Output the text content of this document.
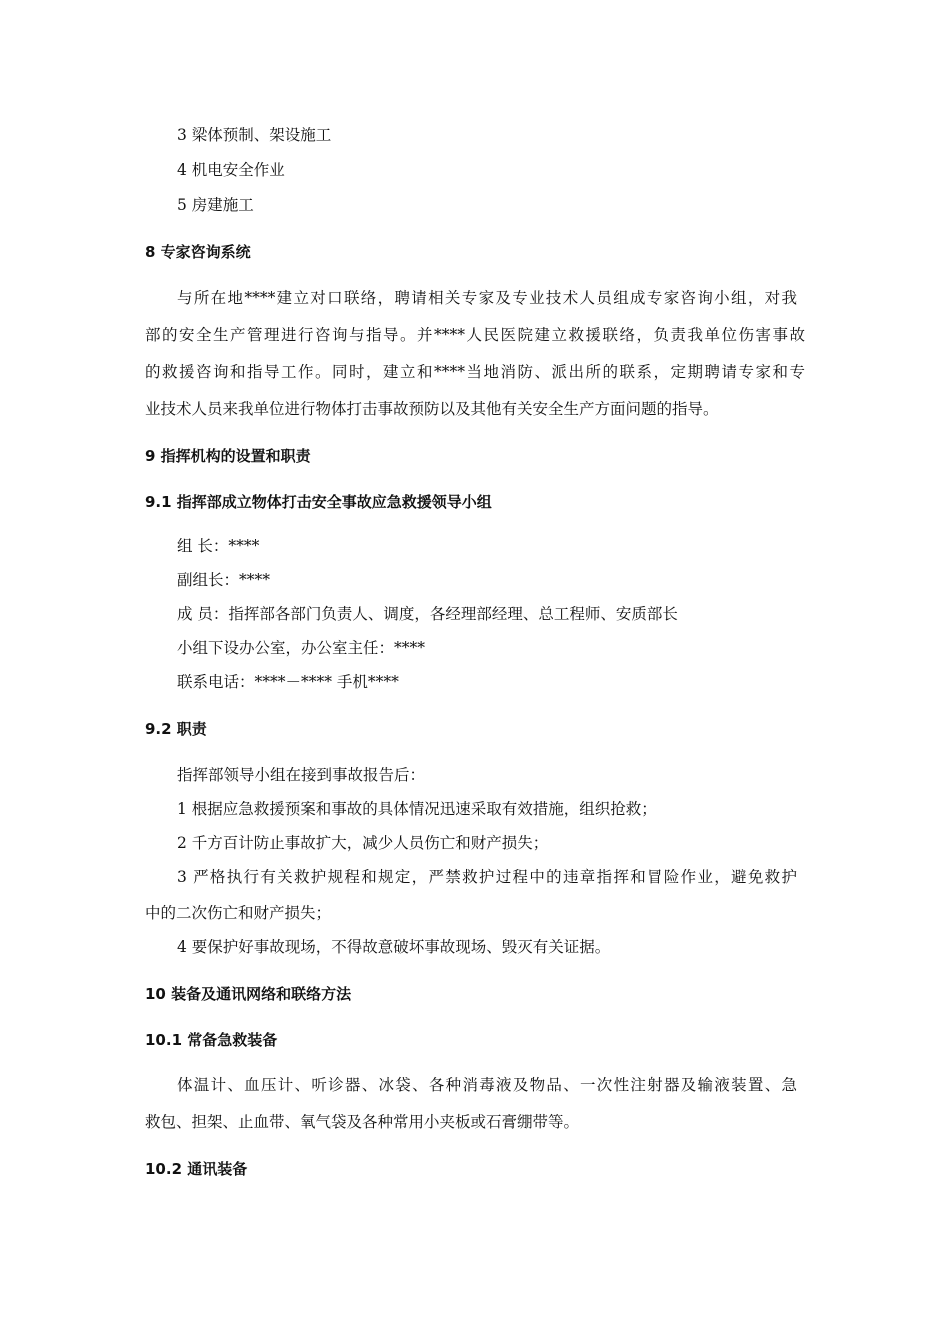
3 梁体预制、架设施工
4 机电安全作业
5 房建施工
8 专家咨询系统
与所在地****建立对口联络，聘请相关专家及专业技术人员组成专家咨询小组，对我
部的安全生产管理进行咨询与指导。并****人民医院建立救援联络，负责我单位伤害事故
的救援咨询和指导工作。同时，建立和****当地消防、派出所的联系，定期聘请专家和专
业技术人员来我单位进行物体打击事故预防以及其他有关安全生产方面问题的指导。
9 指挥机构的设置和职责
9.1 指挥部成立物体打击安全事故应急救援领导小组
组 长：****
副组长：****
成 员：指挥部各部门负责人、调度，各经理部经理、总工程师、安质部长
小组下设办公室，办公室主任：****
联系电话：****－**** 手机****
9.2 职责
指挥部领导小组在接到事故报告后：
1 根据应急救援预案和事故的具体情况迅速采取有效措施，组织抢救；
2 千方百计防止事故扩大，减少人员伤亡和财产损失；
3 严格执行有关救护规程和规定，严禁救护过程中的违章指挥和冒险作业，避免救护
中的二次伤亡和财产损失；
4 要保护好事故现场，不得故意破坏事故现场、毁灭有关证据。
10 装备及通讯网络和联络方法
10.1 常备急救装备
体温计、血压计、听诊器、冰袋、各种消毒液及物品、一次性注射器及输液装置、急
救包、担架、止血带、氧气袋及各种常用小夹板或石膏绷带等。
10.2 通讯装备
